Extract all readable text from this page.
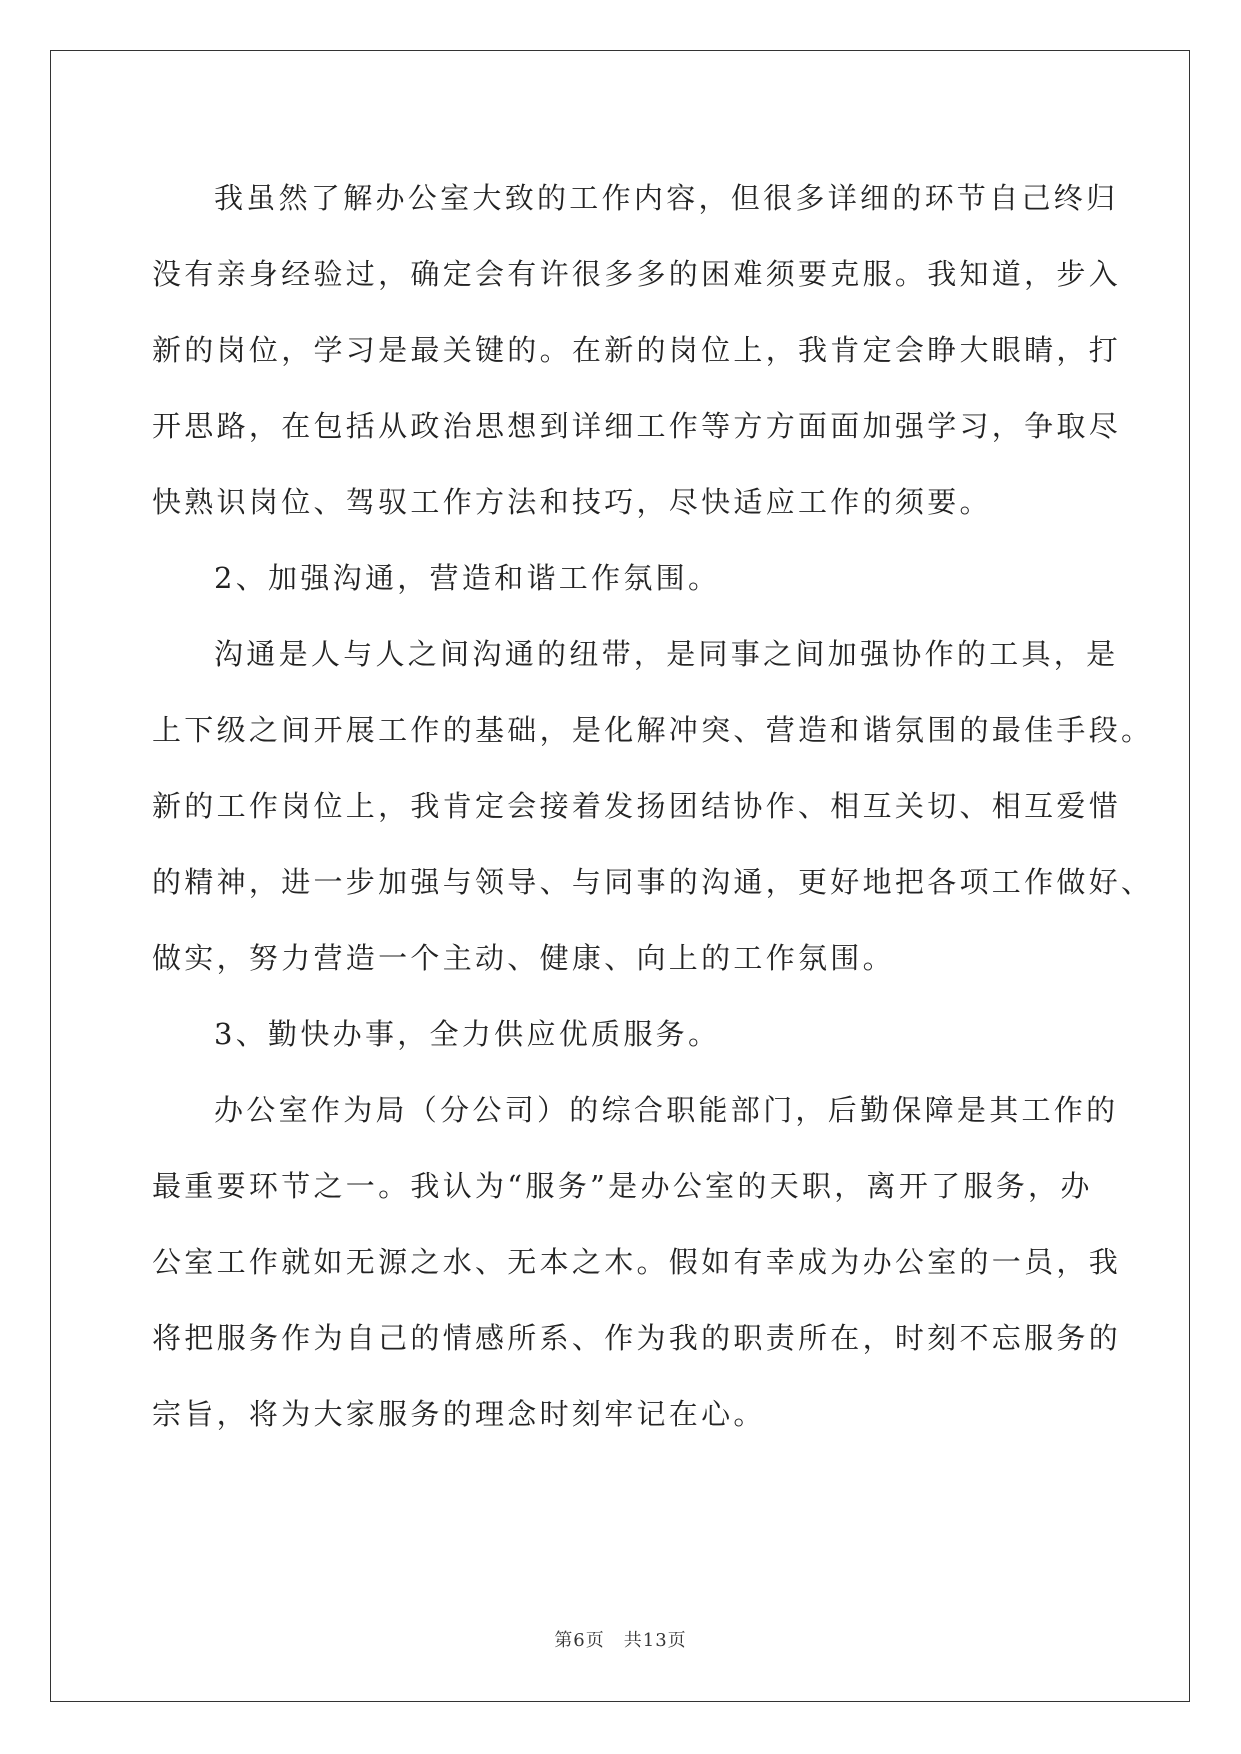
我虽然了解办公室大致的工作内容，但很多详细的环节自己终归
没有亲身经验过，确定会有许很多多的困难须要克服。我知道，步入
新的岗位，学习是最关键的。在新的岗位上，我肯定会睁大眼睛，打
开思路，在包括从政治思想到详细工作等方方面面加强学习，争取尽
快熟识岗位、驾驭工作方法和技巧，尽快适应工作的须要。
2、加强沟通，营造和谐工作氛围。
沟通是人与人之间沟通的纽带，是同事之间加强协作的工具，是
上下级之间开展工作的基础，是化解冲突、营造和谐氛围的最佳手段。
新的工作岗位上，我肯定会接着发扬团结协作、相互关切、相互爱惜
的精神，进一步加强与领导、与同事的沟通，更好地把各项工作做好、
做实，努力营造一个主动、健康、向上的工作氛围。
3、勤快办事，全力供应优质服务。
办公室作为局（分公司）的综合职能部门，后勤保障是其工作的
最重要环节之一。我认为“服务”是办公室的天职，离开了服务，办
公室工作就如无源之水、无本之木。假如有幸成为办公室的一员，我
将把服务作为自己的情感所系、作为我的职责所在，时刻不忘服务的
宗旨，将为大家服务的理念时刻牢记在心。
第6页　共13页
